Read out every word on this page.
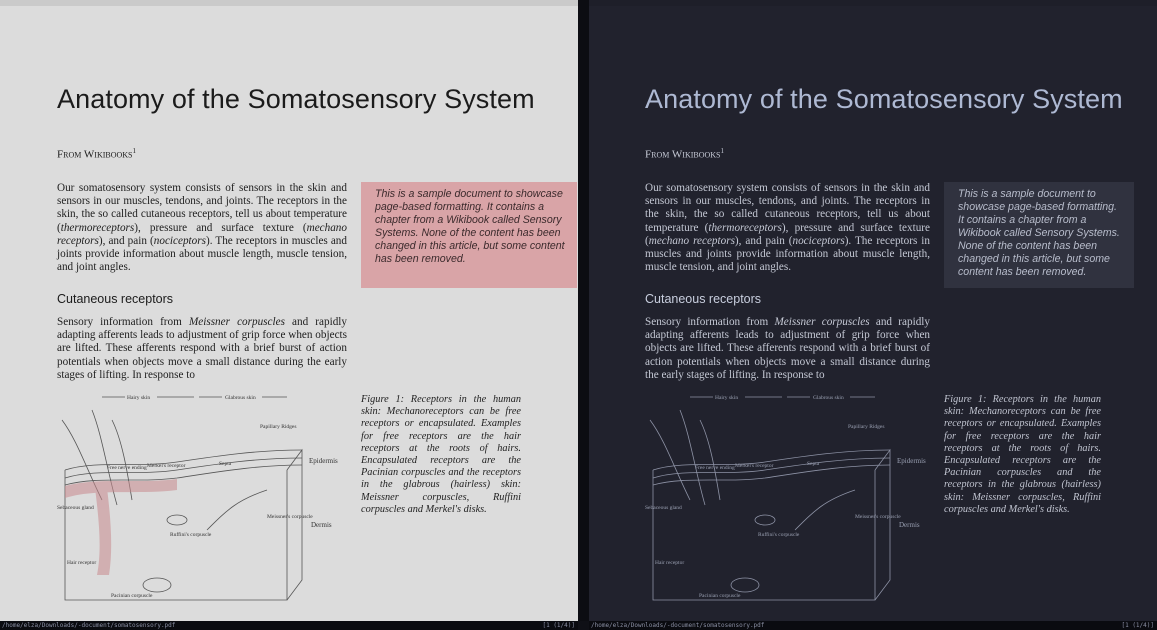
Anatomy of the Somatosensory System
From Wikibooks$^1$
Our somatosensory system consists of sensors in the skin and sensors in our muscles, tendons, and joints. The receptors in the skin, the so called cutaneous receptors, tell us about temperature (thermoreceptors), pressure and surface texture (mechano receptors), and pain (nociceptors). The receptors in muscles and joints provide information about muscle length, muscle tension, and joint angles.
This is a sample document to showcase page-based formatting. It contains a chapter from a Wikibook called Sensory Systems. None of the content has been changed in this article, but some content has been removed.
Cutaneous receptors
Sensory information from Meissner corpuscles and rapidly adapting afferents leads to adjustment of grip force when objects are lifted. These afferents respond with a brief burst of action potentials when objects move a small distance during the early stages of lifting. In response to
Hairy skin	Glabrous skin
Papillary Ridges
Free nerve ending Merkel's receptor	Septa	Epidermis
Meissner's corpuscle
Dermis
Sebaceous gland
Ruffini's corpuscle
Hair receptor
Pacinian corpuscle
Figure 1: Receptors in the human skin: Mechanoreceptors can be free receptors or encapsulated. Examples for free receptors are the hair receptors at the roots of hairs. Encapsulated receptors are the Pacinian corpuscles and the receptors in the glabrous (hairless) skin: Meissner corpuscles, Ruffini corpuscles and Merkel's disks.
Anatomy of the Somatosensory System
From Wikibooks$^1$
Our somatosensory system consists of sensors in the skin and sensors in our muscles, tendons, and joints. The receptors in the skin, the so called cutaneous receptors, tell us about temperature (thermoreceptors), pressure and surface texture (mechano receptors), and pain (nociceptors). The receptors in muscles and joints provide information about muscle length, muscle tension, and joint angles.
This is a sample document to showcase page-based formatting. It contains a chapter from a Wikibook called Sensory Systems. None of the content has been changed in this article, but some content has been removed.
Cutaneous receptors
Sensory information from Meissner corpuscles and rapidly adapting afferents leads to adjustment of grip force when objects are lifted. These afferents respond with a brief burst of action potentials when objects move a small distance during the early stages of lifting. In response to
Hairy skin	Glabrous skin
Papillary Ridges
Free nerve ending Merkel's receptor	Septa	Epidermis
Meissner's corpuscle
Dermis
Sebaceous gland
Ruffini's corpuscle
Hair receptor
Pacinian corpuscle
Figure 1: Receptors in the human skin: Mechanoreceptors can be free receptors or encapsulated. Examples for free receptors are the hair receptors at the roots of hairs. Encapsulated receptors are the Pacinian corpuscles and the receptors in the glabrous (hairless) skin: Meissner corpuscles, Ruffini corpuscles and Merkel's disks.
/home/elza/Downloads/-document/somatosensory.pdf	[1 (1/4)]	/home/elza/Downloads/-document/somatosensory.pdf	[1 (1/4)]
